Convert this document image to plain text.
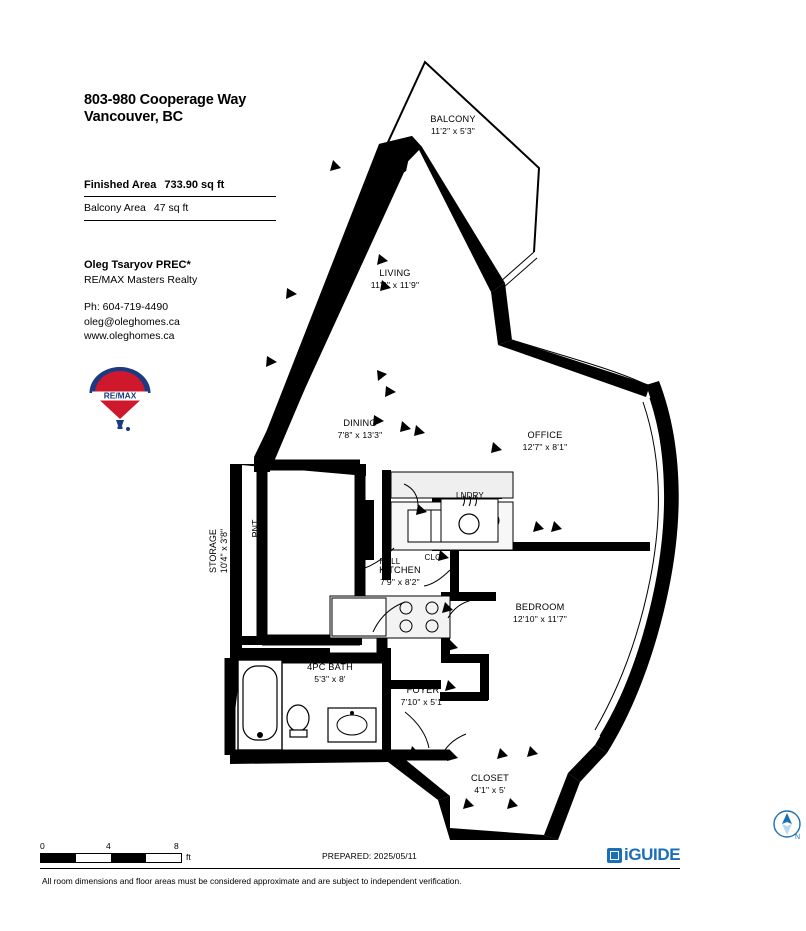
803-980 Cooperage Way
Vancouver, BC
Finished Area 733.90 sq ft
Balcony Area 47 sq ft
Oleg Tsaryov PREC*
RE/MAX Masters Realty
Ph: 604-719-4490
oleg@oleghomes.ca
www.oleghomes.ca
RE/MAX
BALCONY
11'2" x 5'3"
LIVING
11'8" x 11'9"
DINING
7'8" x 13'3"	OFFICE
12'7" x 8'1"
BEDROOM
12'10" x 11'7"
KITCHEN
7'9" x 8'2"
4PC BATH
5'3" x 8'
FOYER
7'10" x 5'1"
CLOSET
4'1" x 5'
STORAGE 10'4" x 3'8"
PNT
LNDRY
HALL	CLO
N
0	4	8
ft	PREPARED: 2025/05/11	iGUIDE
All room dimensions and floor areas must be considered approximate and are subject to independent verification.
